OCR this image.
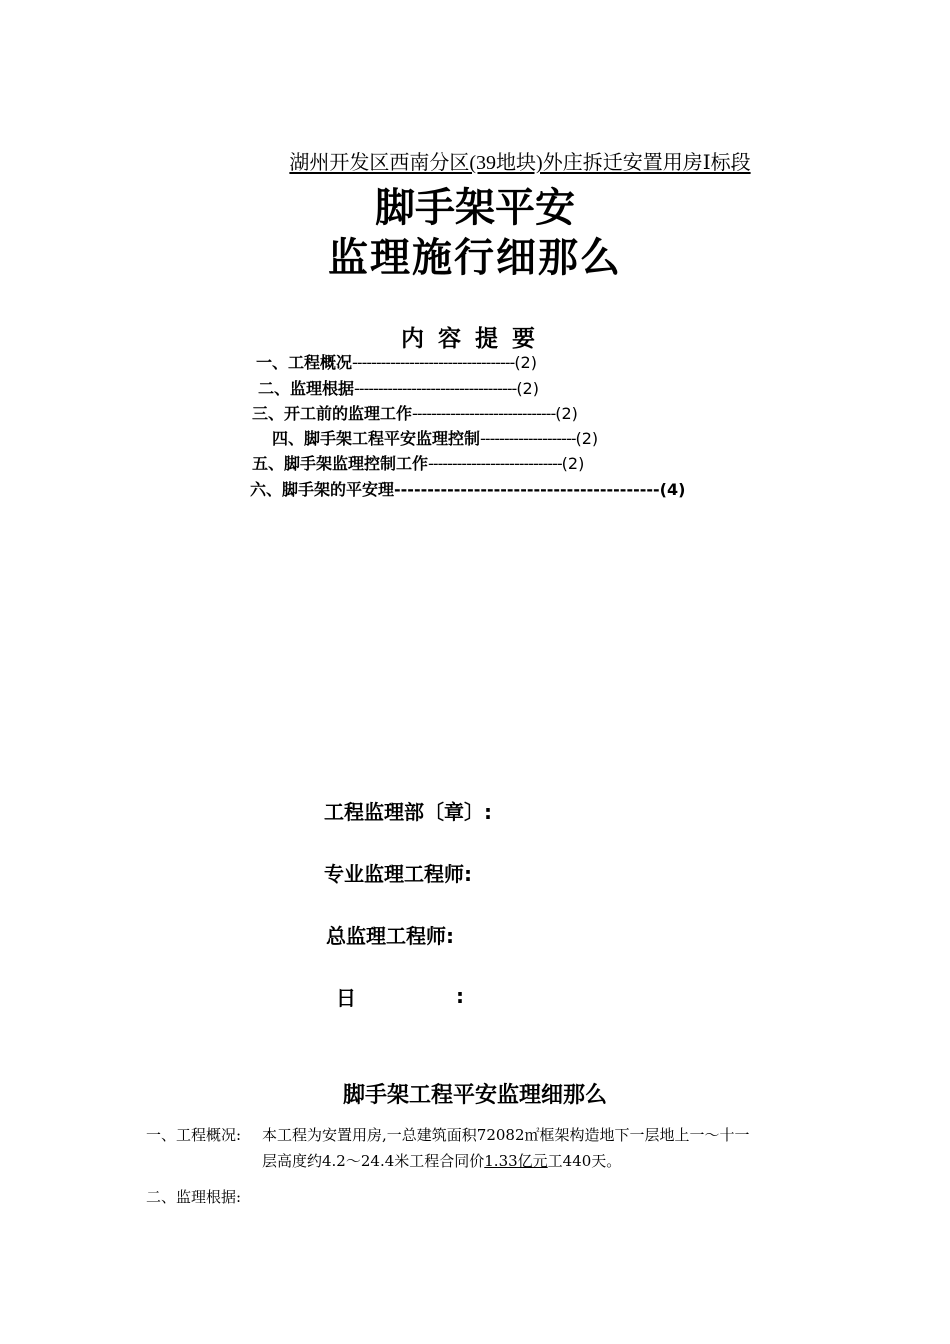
湖州开发区西南分区(39地块)外庄拆迁安置用房Ⅰ标段
脚手架平安
监理施行细那么
内容提要
一、工程概况----------------------------------(2)
二、监理根据----------------------------------(2)
三、开工前的监理工作------------------------------(2)
四、脚手架工程平安监理控制--------------------(2)
五、脚手架监理控制工作----------------------------(2)
六、脚手架的平安理----------------------------------------(4)
工程监理部〔章〕:
专业监理工程师:
总监理工程师:
日	:
脚手架工程平安监理细那么
一、工程概况: 本工程为安置用房,一总建筑面积72082㎡框架构造地下一层地上一～十一
层高度约4.2～24.4米工程合同价1.33亿元工440天。
二、监理根据:
